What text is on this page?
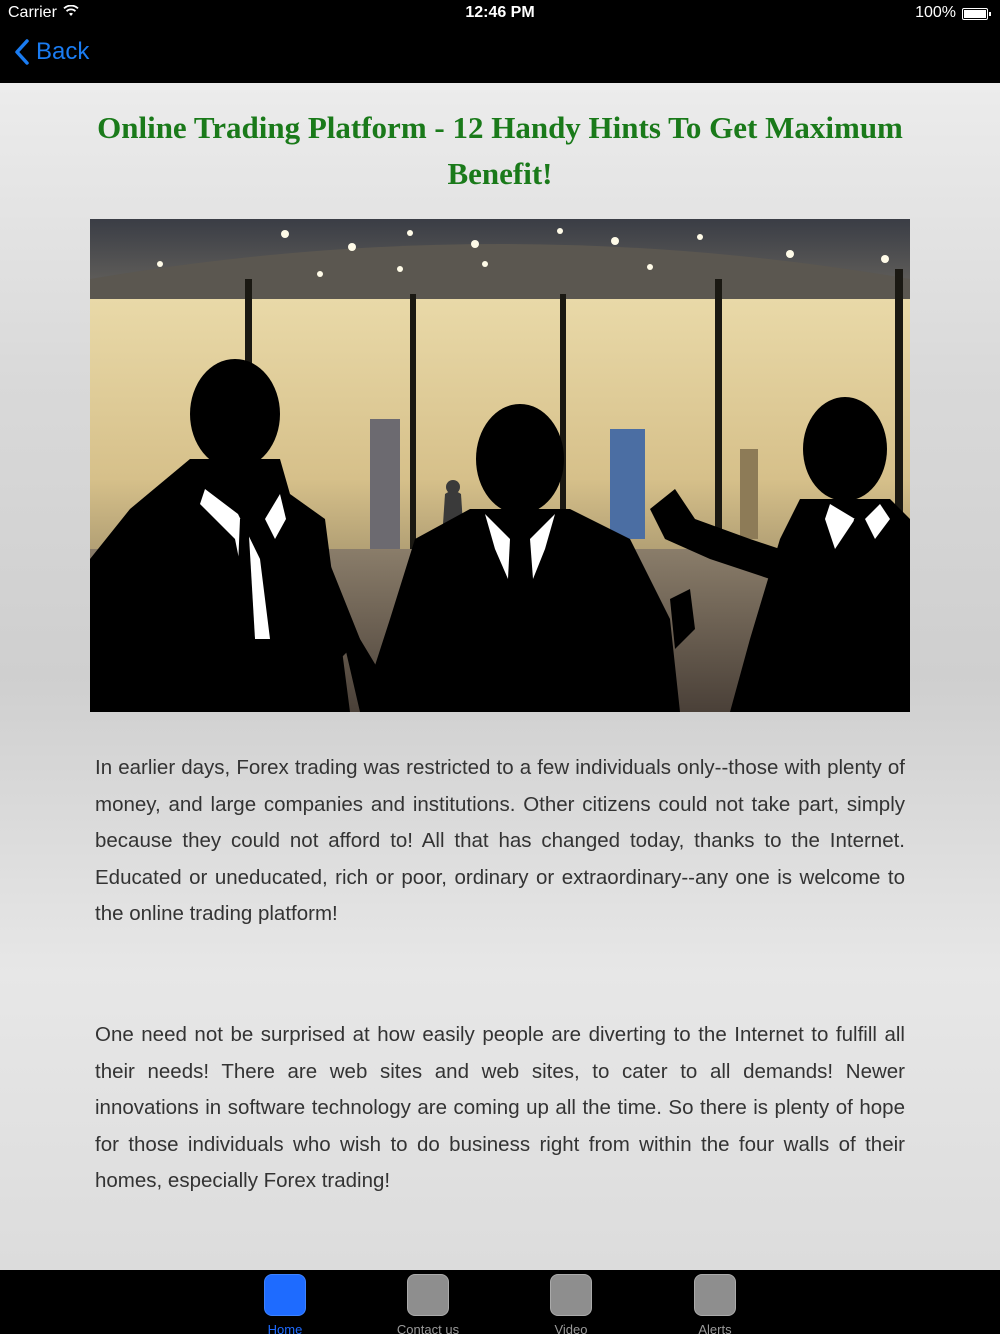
Carrier	12:46 PM	100%
Back
Online Trading Platform - 12 Handy Hints To Get Maximum Benefit!
In earlier days, Forex trading was restricted to a few individuals only--those with plenty of money, and large companies and institutions. Other citizens could not take part, simply because they could not afford to! All that has changed today, thanks to the Internet. Educated or uneducated, rich or poor, ordinary or extraordinary--any one is welcome to the online trading platform!
One need not be surprised at how easily people are diverting to the Internet to fulfill all their needs! There are web sites and web sites, to cater to all demands! Newer innovations in software technology are coming up all the time. So there is plenty of hope for those individuals who wish to do business right from within the four walls of their homes, especially Forex trading!
Home	Contact us	Video	Alerts
